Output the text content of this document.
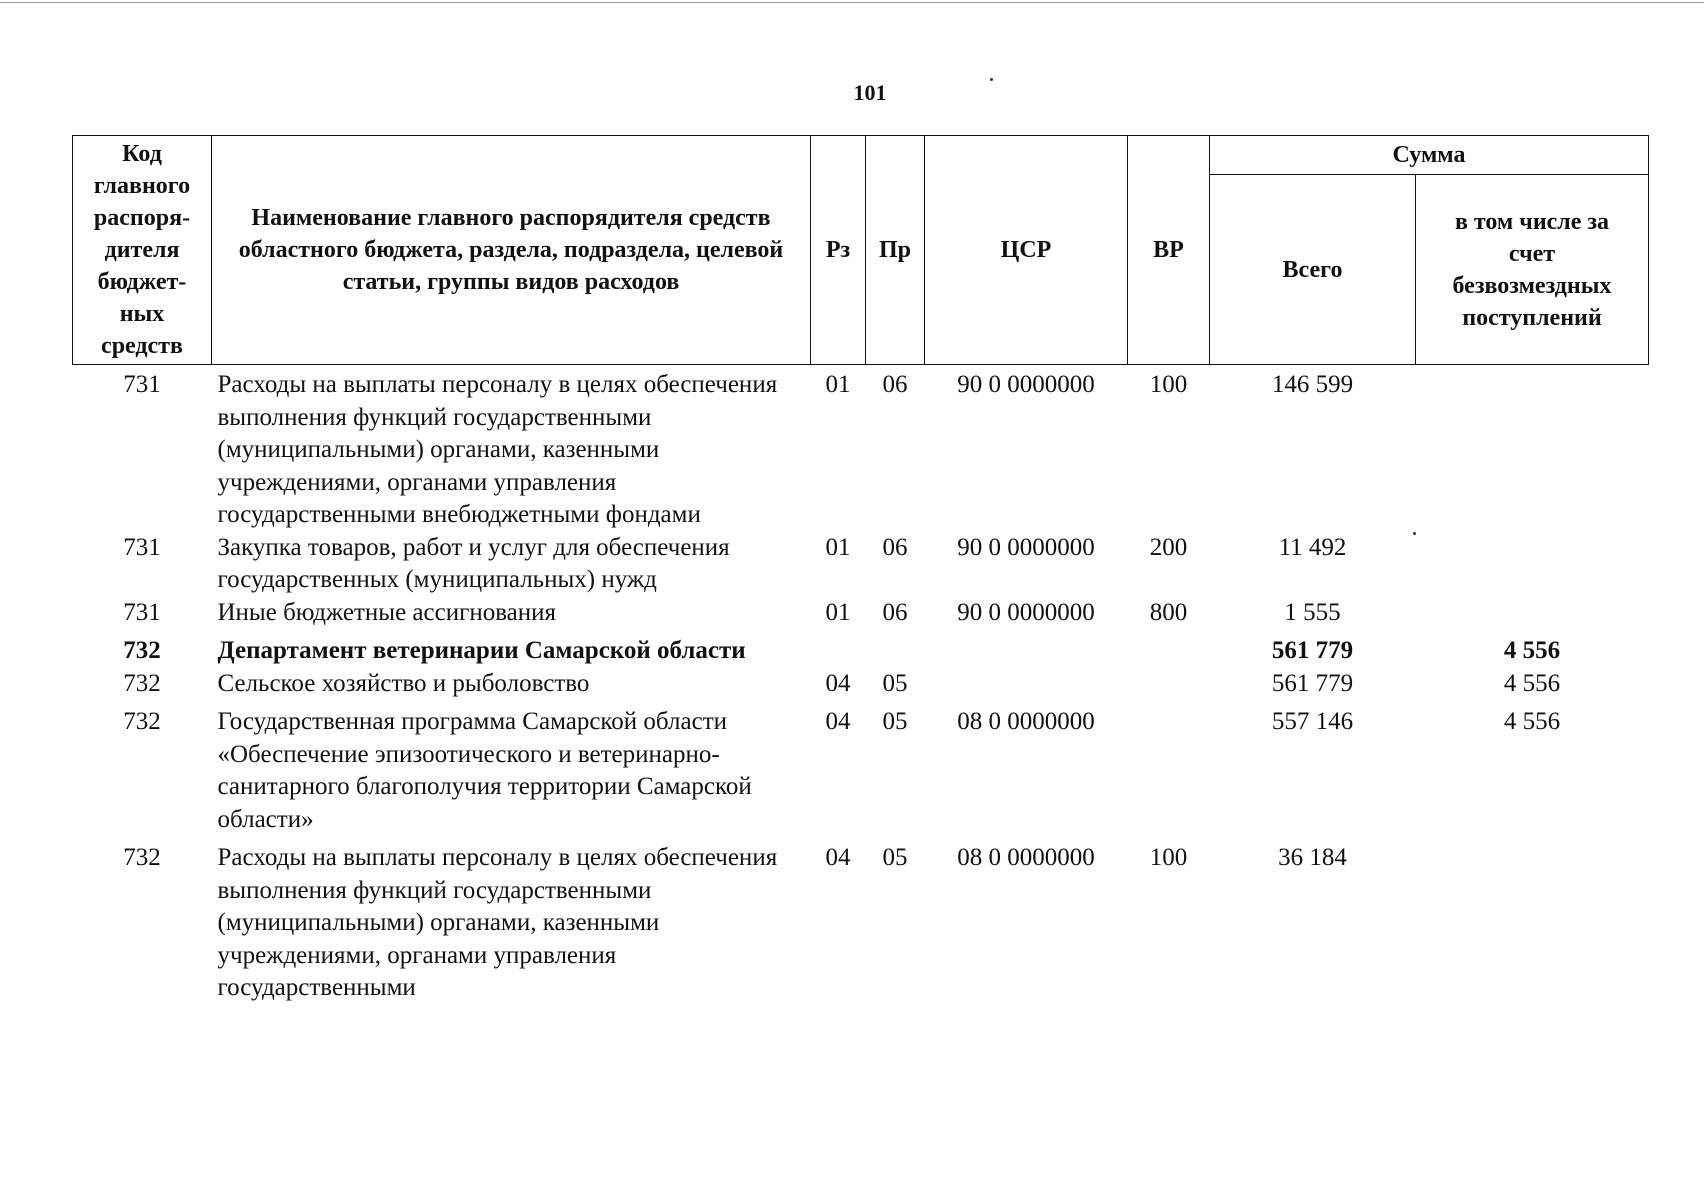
101
Код главного распоря-дителя бюджет-ных средств	Наименование главного распорядителя средств областного бюджета, раздела, подраздела, целевой статьи, группы видов расходов	Рз	Пр	ЦСР	ВР	Сумма	
						Всего	в том числе за счет безвозмездных поступлений
731	Расходы на выплаты персоналу в целях обеспечения выполнения функций государственными (муниципальными) органами, казенными учреждениями, органами управления государственными внебюджетными фондами	01	06	90 0 0000000	100	146 599	
731	Закупка товаров, работ и услуг для обеспечения государственных (муниципальных) нужд	01	06	90 0 0000000	200	11 492	
731	Иные бюджетные ассигнования	01	06	90 0 0000000	800	1 555	
732	Департамент ветеринарии Самарской области					561 779	4 556
732	Сельское хозяйство и рыболовство	04	05			561 779	4 556
732	Государственная программа Самарской области «Обеспечение эпизоотического и ветеринарно-санитарного благополучия территории Самарской области»	04	05	08 0 0000000		557 146	4 556
732	Расходы на выплаты персоналу в целях обеспечения выполнения функций государственными (муниципальными) органами, казенными учреждениями, органами управления государственными	04	05	08 0 0000000	100	36 184	
